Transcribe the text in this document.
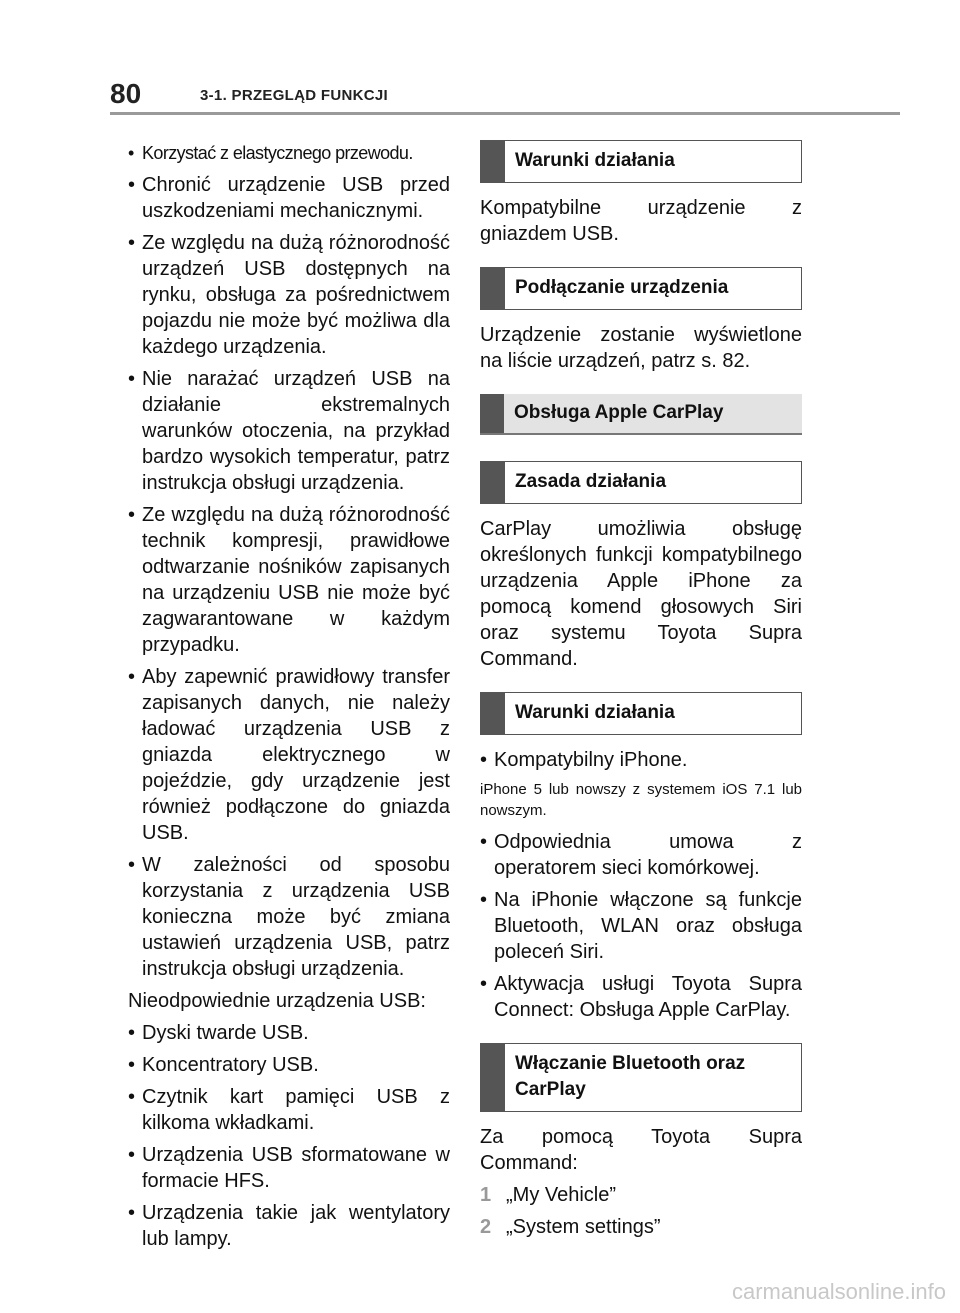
80	3-1. PRZEGLĄD FUNKCJI
• Korzystać z elastycznego przewodu.
• Chronić urządzenie USB przed uszkodzeniami mechanicznymi.
• Ze względu na dużą różnorodność urządzeń USB dostępnych na rynku, obsługa za pośrednictwem pojazdu nie może być możliwa dla każdego urządzenia.
• Nie narażać urządzeń USB na działanie ekstremalnych warunków otoczenia, na przykład bardzo wysokich temperatur, patrz instrukcja obsługi urządzenia.
• Ze względu na dużą różnorodność technik kompresji, prawidłowe odtwarzanie nośników zapisanych na urządzeniu USB nie może być zagwarantowane w każdym przypadku.
• Aby zapewnić prawidłowy transfer zapisanych danych, nie należy ładować urządzenia USB z gniazda elektrycznego w pojeździe, gdy urządzenie jest również podłączone do gniazda USB.
• W zależności od sposobu korzystania z urządzenia USB konieczna może być zmiana ustawień urządzenia USB, patrz instrukcja obsługi urządzenia.
Nieodpowiednie urządzenia USB:
• Dyski twarde USB.
• Koncentratory USB.
• Czytnik kart pamięci USB z kilkoma wkładkami.
• Urządzenia USB sformatowane w formacie HFS.
• Urządzenia takie jak wentylatory lub lampy.
Warunki działania
Kompatybilne urządzenie z gniazdem USB.
Podłączanie urządzenia
Urządzenie zostanie wyświetlone na liście urządzeń, patrz s. 82.
Obsługa Apple CarPlay
Zasada działania
CarPlay umożliwia obsługę określonych funkcji kompatybilnego urządzenia Apple iPhone za pomocą komend głosowych Siri oraz systemu Toyota Supra Command.
Warunki działania
• Kompatybilny iPhone.
iPhone 5 lub nowszy z systemem iOS 7.1 lub nowszym.
• Odpowiednia umowa z operatorem sieci komórkowej.
• Na iPhonie włączone są funkcje Bluetooth, WLAN oraz obsługa poleceń Siri.
• Aktywacja usługi Toyota Supra Connect: Obsługa Apple CarPlay.
Włączanie Bluetooth oraz CarPlay
Za pomocą Toyota Supra Command:
1 „My Vehicle”
2 „System settings”
carmanualsonline.info
